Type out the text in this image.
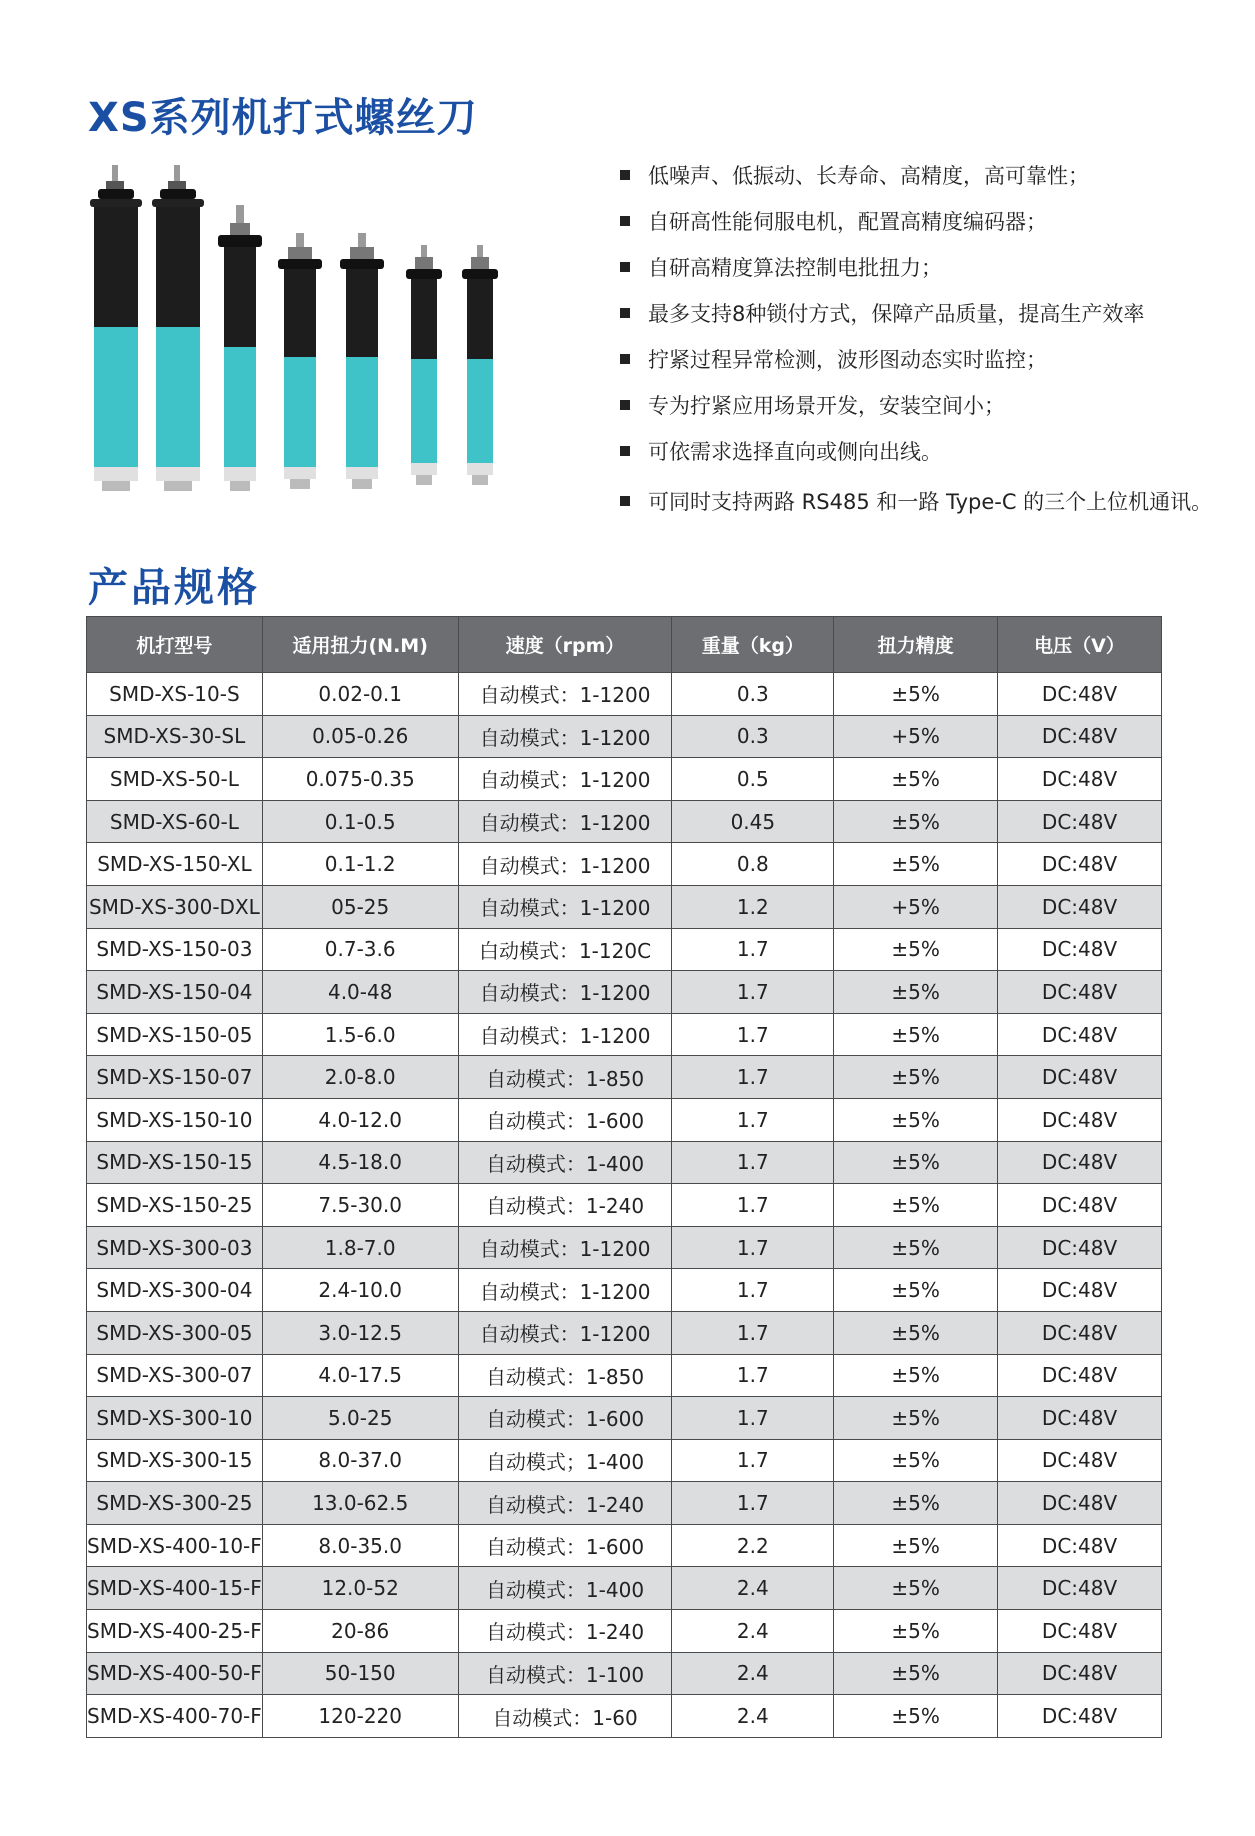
XS系列机打式螺丝刀
低噪声、低振动、长寿命、高精度，高可靠性；
自研高性能伺服电机，配置高精度编码器；
自研高精度算法控制电批扭力；
最多支持8种锁付方式，保障产品质量，提高生产效率
拧紧过程异常检测，波形图动态实时监控；
专为拧紧应用场景开发，安装空间小；
可依需求选择直向或侧向出线。
可同时支持两路 RS485 和一路 Type-C 的三个上位机通讯。
产品规格
机打型号	适用扭力(N.M)	速度（rpm）	重量（kg）	扭力精度	电压（V）
SMD-XS-10-S	0.02-0.1	自动模式：1-1200	0.3	±5%	DC:48V
SMD-XS-30-SL	0.05-0.26	自动模式：1-1200	0.3	+5%	DC:48V
SMD-XS-50-L	0.075-0.35	自动模式：1-1200	0.5	±5%	DC:48V
SMD-XS-60-L	0.1-0.5	自动模式：1-1200	0.45	±5%	DC:48V
SMD-XS-150-XL	0.1-1.2	自动模式：1-1200	0.8	±5%	DC:48V
SMD-XS-300-DXL	05-25	自动模式：1-1200	1.2	+5%	DC:48V
SMD-XS-150-03	0.7-3.6	白动模式：1-120C	1.7	±5%	DC:48V
SMD-XS-150-04	4.0-48	自动模式：1-1200	1.7	±5%	DC:48V
SMD-XS-150-05	1.5-6.0	自动模式：1-1200	1.7	±5%	DC:48V
SMD-XS-150-07	2.0-8.0	自动模式：1-850	1.7	±5%	DC:48V
SMD-XS-150-10	4.0-12.0	自动模式：1-600	1.7	±5%	DC:48V
SMD-XS-150-15	4.5-18.0	自动模式：1-400	1.7	±5%	DC:48V
SMD-XS-150-25	7.5-30.0	自动模式：1-240	1.7	±5%	DC:48V
SMD-XS-300-03	1.8-7.0	自动模式：1-1200	1.7	±5%	DC:48V
SMD-XS-300-04	2.4-10.0	自动模式：1-1200	1.7	±5%	DC:48V
SMD-XS-300-05	3.0-12.5	自动模式：1-1200	1.7	±5%	DC:48V
SMD-XS-300-07	4.0-17.5	自动模式：1-850	1.7	±5%	DC:48V
SMD-XS-300-10	5.0-25	自动模式：1-600	1.7	±5%	DC:48V
SMD-XS-300-15	8.0-37.0	自动模式；1-400	1.7	±5%	DC:48V
SMD-XS-300-25	13.0-62.5	自动模式：1-240	1.7	±5%	DC:48V
SMD-XS-400-10-F	8.0-35.0	自动模式：1-600	2.2	±5%	DC:48V
SMD-XS-400-15-F	12.0-52	自动模式：1-400	2.4	±5%	DC:48V
SMD-XS-400-25-F	20-86	自动模式：1-240	2.4	±5%	DC:48V
SMD-XS-400-50-F	50-150	自动模式：1-100	2.4	±5%	DC:48V
SMD-XS-400-70-F	120-220	自动模式：1-60	2.4	±5%	DC:48V
